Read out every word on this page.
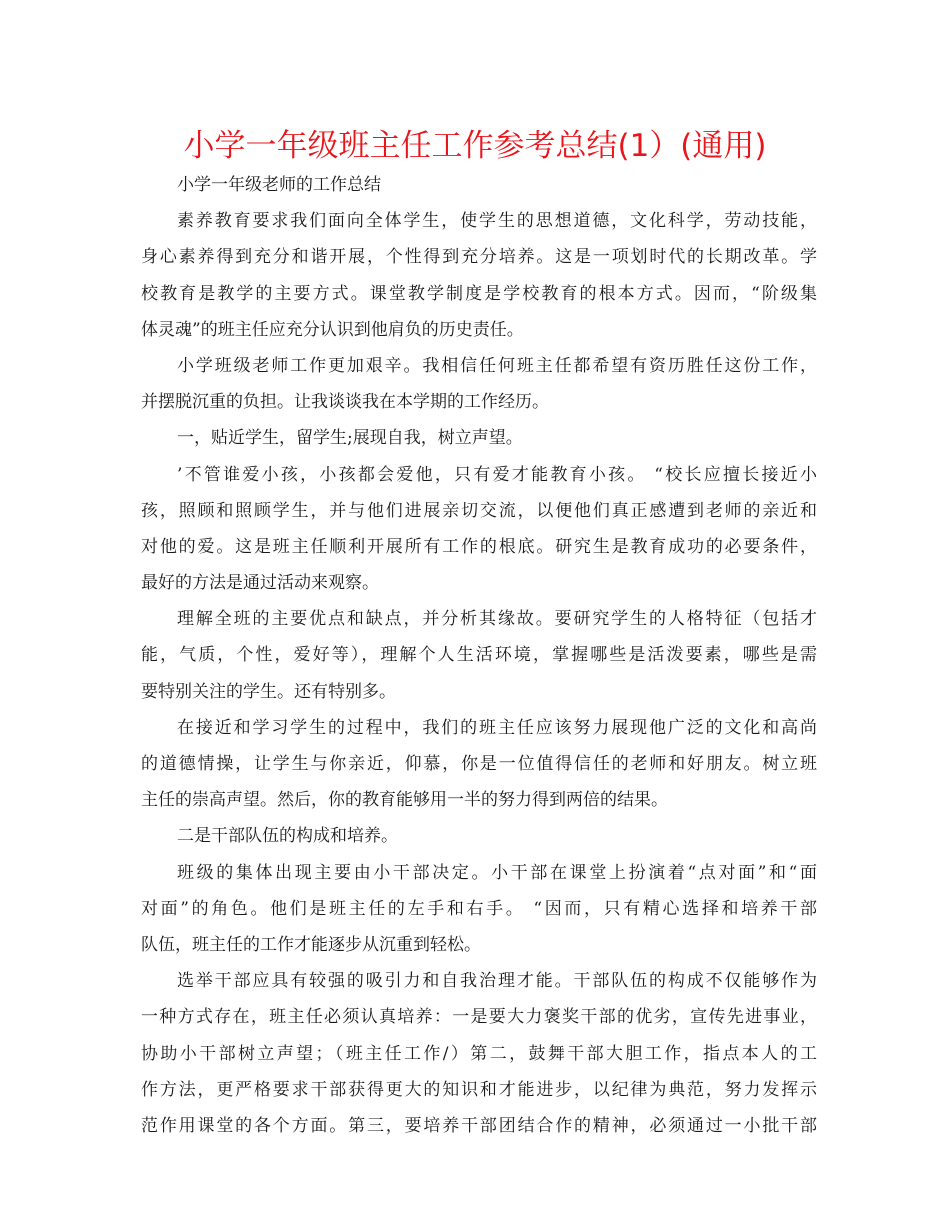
小学一年级班主任工作参考总结(1）(通用)
小学一年级老师的工作总结
素养教育要求我们面向全体学生，使学生的思想道德，文化科学，劳动技能，
身心素养得到充分和谐开展，个性得到充分培养。这是一项划时代的长期改革。学
校教育是教学的主要方式。课堂教学制度是学校教育的根本方式。因而，“阶级集
体灵魂”的班主任应充分认识到他肩负的历史责任。
小学班级老师工作更加艰辛。我相信任何班主任都希望有资历胜任这份工作，
并摆脱沉重的负担。让我谈谈我在本学期的工作经历。
一，贴近学生，留学生;展现自我，树立声望。
’不管谁爱小孩，小孩都会爱他，只有爱才能教育小孩。 “校长应擅长接近小
孩，照顾和照顾学生，并与他们进展亲切交流，以便他们真正感遭到老师的亲近和
对他的爱。这是班主任顺利开展所有工作的根底。研究生是教育成功的必要条件，
最好的方法是通过活动来观察。
理解全班的主要优点和缺点，并分析其缘故。要研究学生的人格特征（包括才
能，气质，个性，爱好等），理解个人生活环境，掌握哪些是活泼要素，哪些是需
要特别关注的学生。还有特别多。
在接近和学习学生的过程中，我们的班主任应该努力展现他广泛的文化和高尚
的道德情操，让学生与你亲近，仰慕，你是一位值得信任的老师和好朋友。树立班
主任的崇高声望。然后，你的教育能够用一半的努力得到两倍的结果。
二是干部队伍的构成和培养。
班级的集体出现主要由小干部决定。小干部在课堂上扮演着“点对面”和“面
对面”的角色。他们是班主任的左手和右手。 “因而，只有精心选择和培养干部
队伍，班主任的工作才能逐步从沉重到轻松。
选举干部应具有较强的吸引力和自我治理才能。干部队伍的构成不仅能够作为
一种方式存在，班主任必须认真培养：一是要大力褒奖干部的优劣，宣传先进事业，
协助小干部树立声望；（班主任工作/）第二，鼓舞干部大胆工作，指点本人的工
作方法，更严格要求干部获得更大的知识和才能进步，以纪律为典范，努力发挥示
范作用课堂的各个方面。第三，要培养干部团结合作的精神，必须通过一小批干部
